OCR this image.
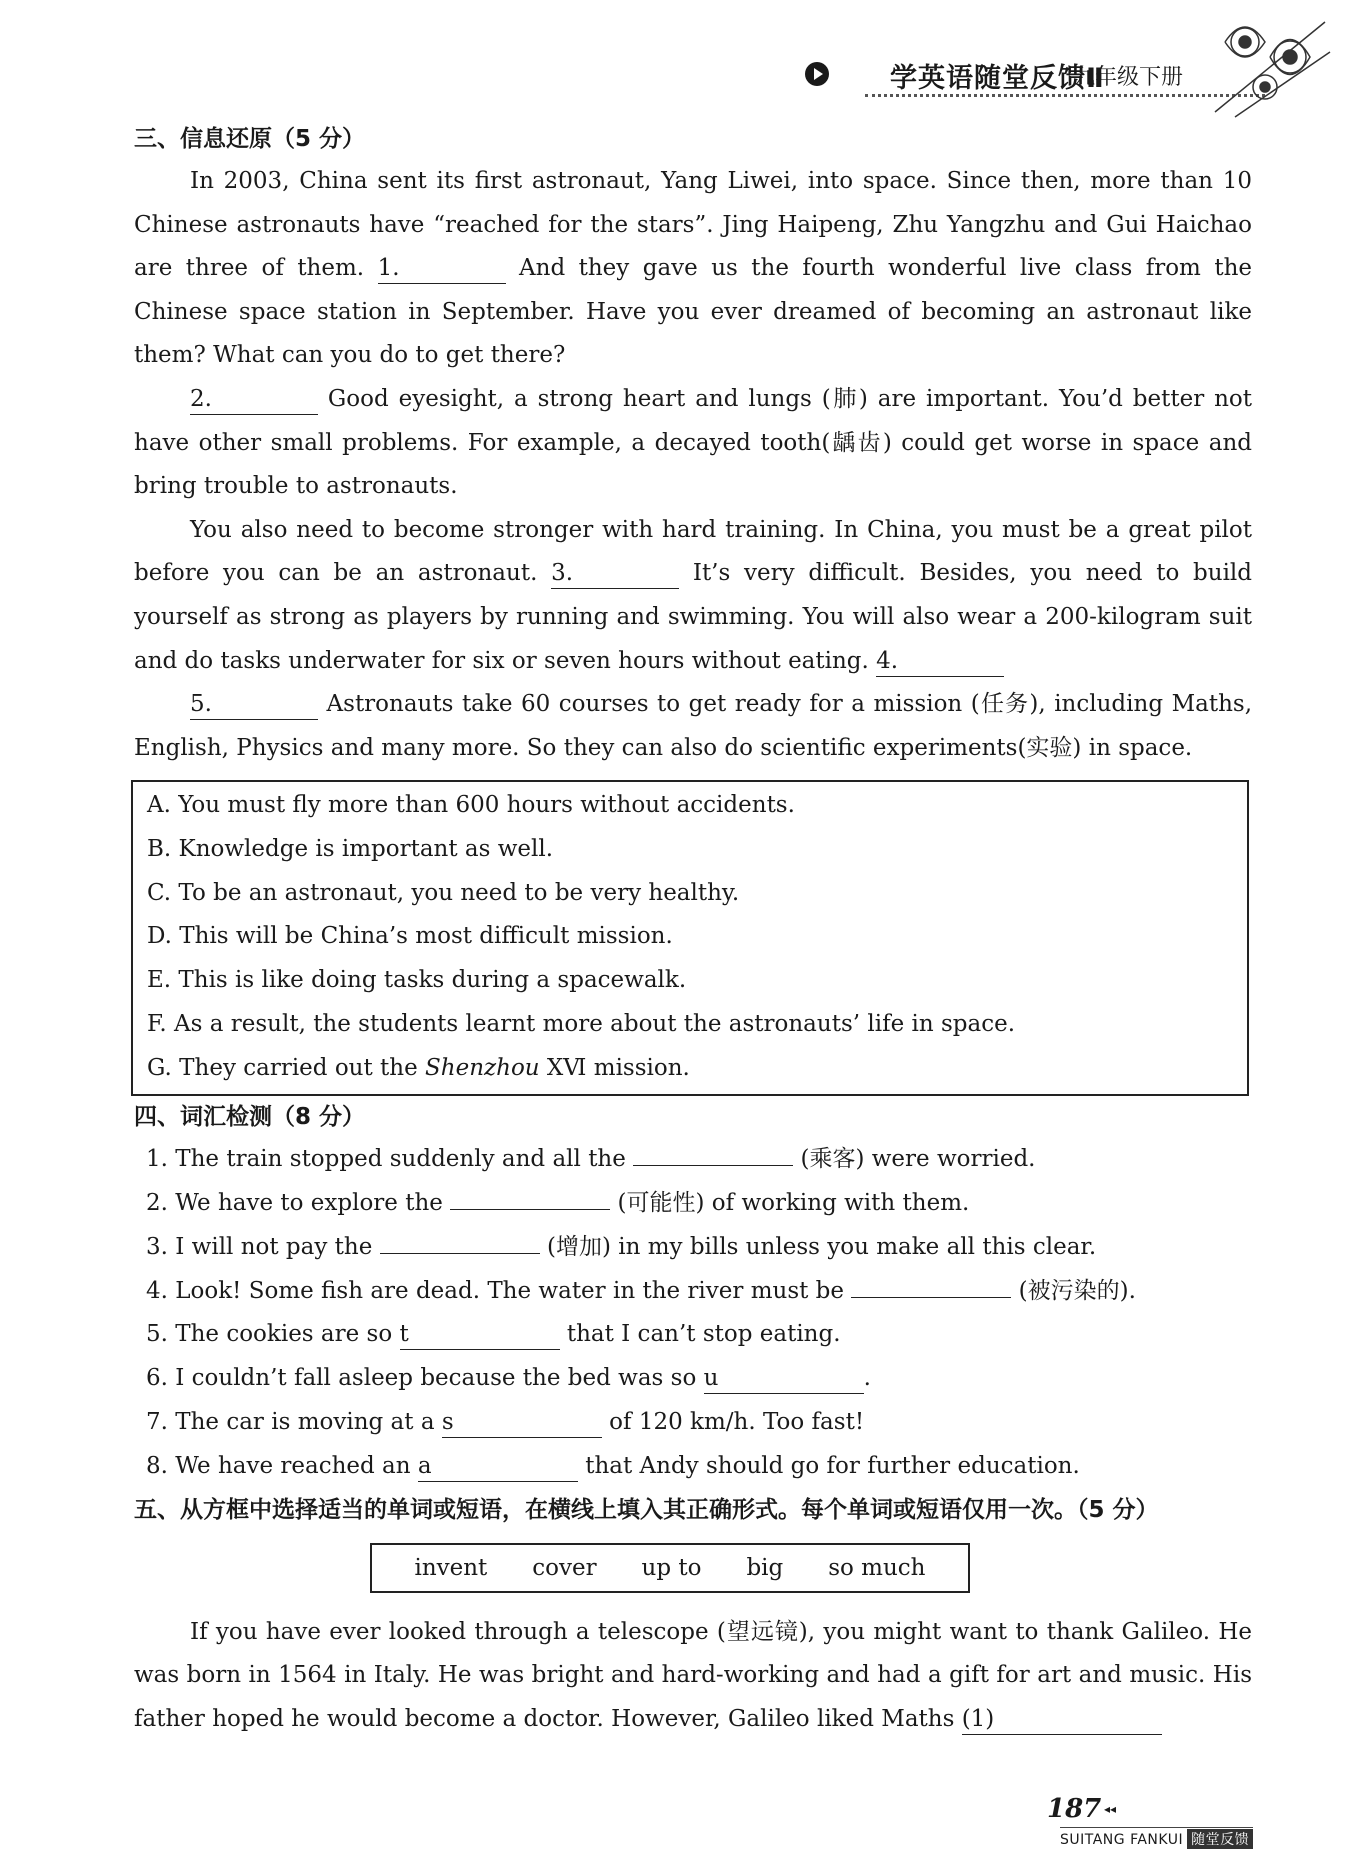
学英语随堂反馈Ⅱ
九年级下册
三、信息还原（5 分）

In 2003, China sent its first astronaut, Yang Liwei, into space. Since then, more than 10 Chinese astronauts have “reached for the stars”. Jing Haipeng, Zhu Yangzhu and Gui Haichao are three of them. 1.	And they gave us the fourth wonderful live class from the Chinese space station in September. Have you ever dreamed of becoming an astronaut like them? What can you do to get there?

2.	Good eyesight, a strong heart and lungs (肺) are important. You’d better not have other small problems. For example, a decayed tooth(龋齿) could get worse in space and bring trouble to astronauts.

You also need to become stronger with hard training. In China, you must be a great pilot before you can be an astronaut. 3.	It’s very difficult. Besides, you need to build yourself as strong as players by running and swimming. You will also wear a 200-kilogram suit and do tasks underwater for six or seven hours without eating. 4.

5.	Astronauts take 60 courses to get ready for a mission (任务), including Maths, English, Physics and many more. So they can also do scientific experiments(实验) in space.

A. You must fly more than 600 hours without accidents.
B. Knowledge is important as well.
C. To be an astronaut, you need to be very healthy.
D. This will be China’s most difficult mission.
E. This is like doing tasks during a spacewalk.
F. As a result, the students learnt more about the astronauts’ life in space.
G. They carried out the Shenzhou ⅩⅥ mission.
四、词汇检测（8 分）
1. The train stopped suddenly and all the	(乘客) were worried.
2. We have to explore the	(可能性) of working with them.
3. I will not pay the	(增加) in my bills unless you make all this clear.
4. Look! Some fish are dead. The water in the river must be	(被污染的).
5. The cookies are so t	that I can’t stop eating.
6. I couldn’t fall asleep because the bed was so u	.
7. The car is moving at a s	of 120 km/h. Too fast!
8. We have reached an a	that Andy should go for further education.
五、从方框中选择适当的单词或短语，在横线上填入其正确形式。每个单词或短语仅用一次。（5 分）
invent cover up to big so much

If you have ever looked through a telescope (望远镜), you might want to thank Galileo. He was born in 1564 in Italy. He was bright and hard-working and had a gift for art and music. His father hoped he would become a doctor. However, Galileo liked Maths (1)

187 ◂◂
SUITANG FANKUI 随堂反馈
